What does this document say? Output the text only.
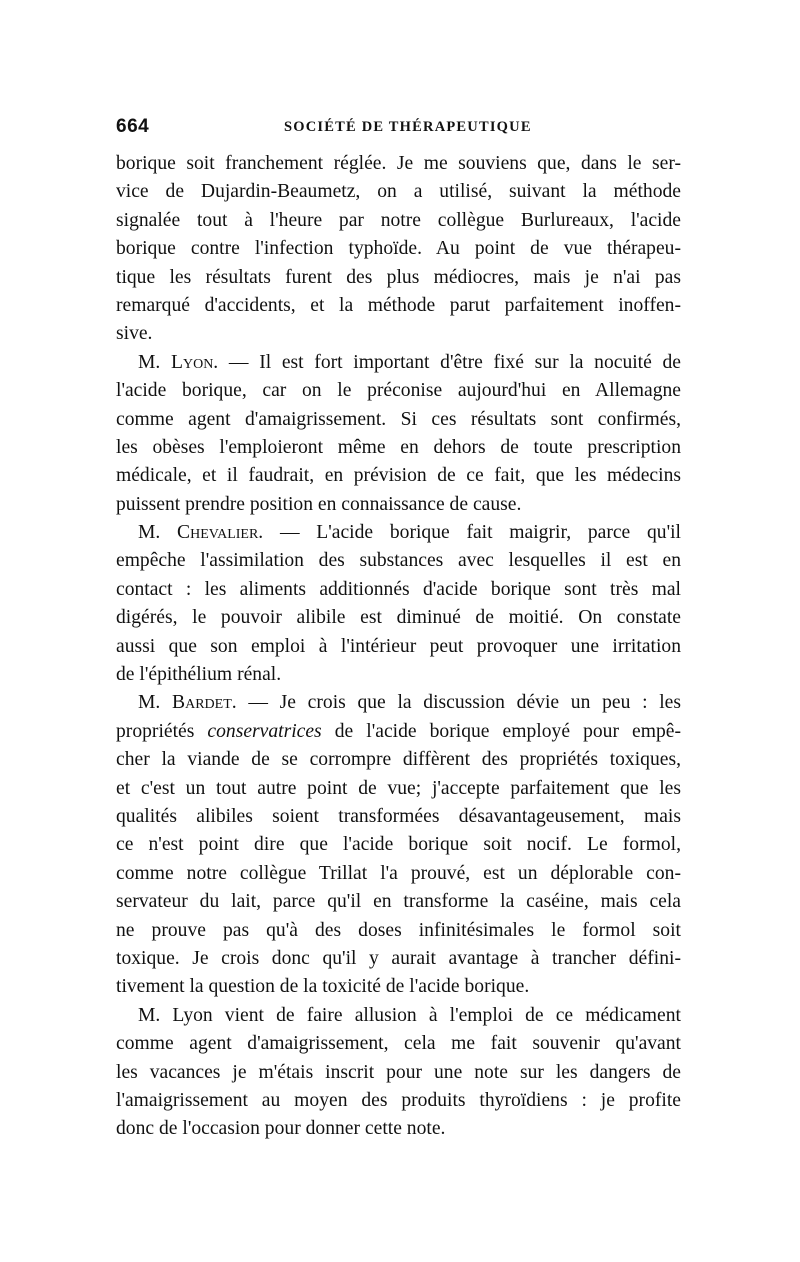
664	SOCIÉTÉ DE THÉRAPEUTIQUE
borique soit franchement réglée. Je me souviens que, dans le ser-
vice de Dujardin-Beaumetz, on a utilisé, suivant la méthode
signalée tout à l'heure par notre collègue Burlureaux, l'acide
borique contre l'infection typhoïde. Au point de vue thérapeu-
tique les résultats furent des plus médiocres, mais je n'ai pas
remarqué d'accidents, et la méthode parut parfaitement inoffen-
sive.
M. Lyon. — Il est fort important d'être fixé sur la nocuité de
l'acide borique, car on le préconise aujourd'hui en Allemagne
comme agent d'amaigrissement. Si ces résultats sont confirmés,
les obèses l'emploieront même en dehors de toute prescription
médicale, et il faudrait, en prévision de ce fait, que les médecins
puissent prendre position en connaissance de cause.
M. Chevalier. — L'acide borique fait maigrir, parce qu'il
empêche l'assimilation des substances avec lesquelles il est en
contact : les aliments additionnés d'acide borique sont très mal
digérés, le pouvoir alibile est diminué de moitié. On constate
aussi que son emploi à l'intérieur peut provoquer une irritation
de l'épithélium rénal.
M. Bardet. — Je crois que la discussion dévie un peu : les
propriétés conservatrices de l'acide borique employé pour empê-
cher la viande de se corrompre diffèrent des propriétés toxiques,
et c'est un tout autre point de vue; j'accepte parfaitement que les
qualités alibiles soient transformées désavantageusement, mais
ce n'est point dire que l'acide borique soit nocif. Le formol,
comme notre collègue Trillat l'a prouvé, est un déplorable con-
servateur du lait, parce qu'il en transforme la caséine, mais cela
ne prouve pas qu'à des doses infinitésimales le formol soit
toxique. Je crois donc qu'il y aurait avantage à trancher défini-
tivement la question de la toxicité de l'acide borique.
M. Lyon vient de faire allusion à l'emploi de ce médicament
comme agent d'amaigrissement, cela me fait souvenir qu'avant
les vacances je m'étais inscrit pour une note sur les dangers de
l'amaigrissement au moyen des produits thyroïdiens : je profite
donc de l'occasion pour donner cette note.
